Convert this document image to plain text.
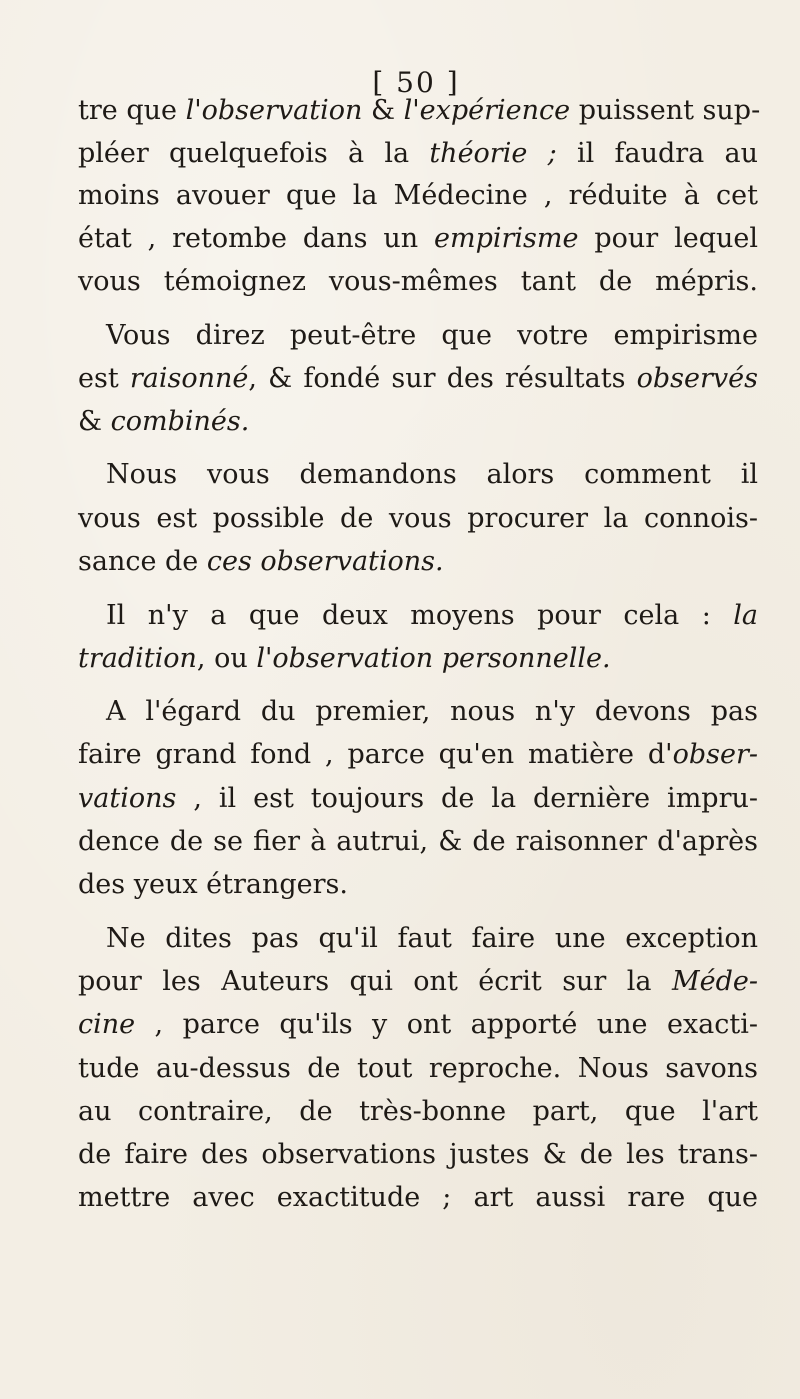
[ 50 ]
tre que l'observation & l'expérience puissent sup-
pléer quelquefois à la théorie ; il faudra au
moins avouer que la Médecine , réduite à cet
état , retombe dans un empirisme pour lequel
vous témoignez vous-mêmes tant de mépris.
Vous direz peut-être que votre empirisme
est raisonné, & fondé sur des résultats observés
& combinés.
Nous vous demandons alors comment il
vous est possible de vous procurer la connois-
sance de ces observations.
Il n'y a que deux moyens pour cela : la
tradition, ou l'observation personnelle.
A l'égard du premier, nous n'y devons pas
faire grand fond , parce qu'en matière d'obser-
vations , il est toujours de la dernière impru-
dence de se fier à autrui, & de raisonner d'après
des yeux étrangers.
Ne dites pas qu'il faut faire une exception
pour les Auteurs qui ont écrit sur la Méde-
cine , parce qu'ils y ont apporté une exacti-
tude au-dessus de tout reproche. Nous savons
au contraire, de très-bonne part, que l'art
de faire des observations justes & de les trans-
mettre avec exactitude ; art aussi rare que
